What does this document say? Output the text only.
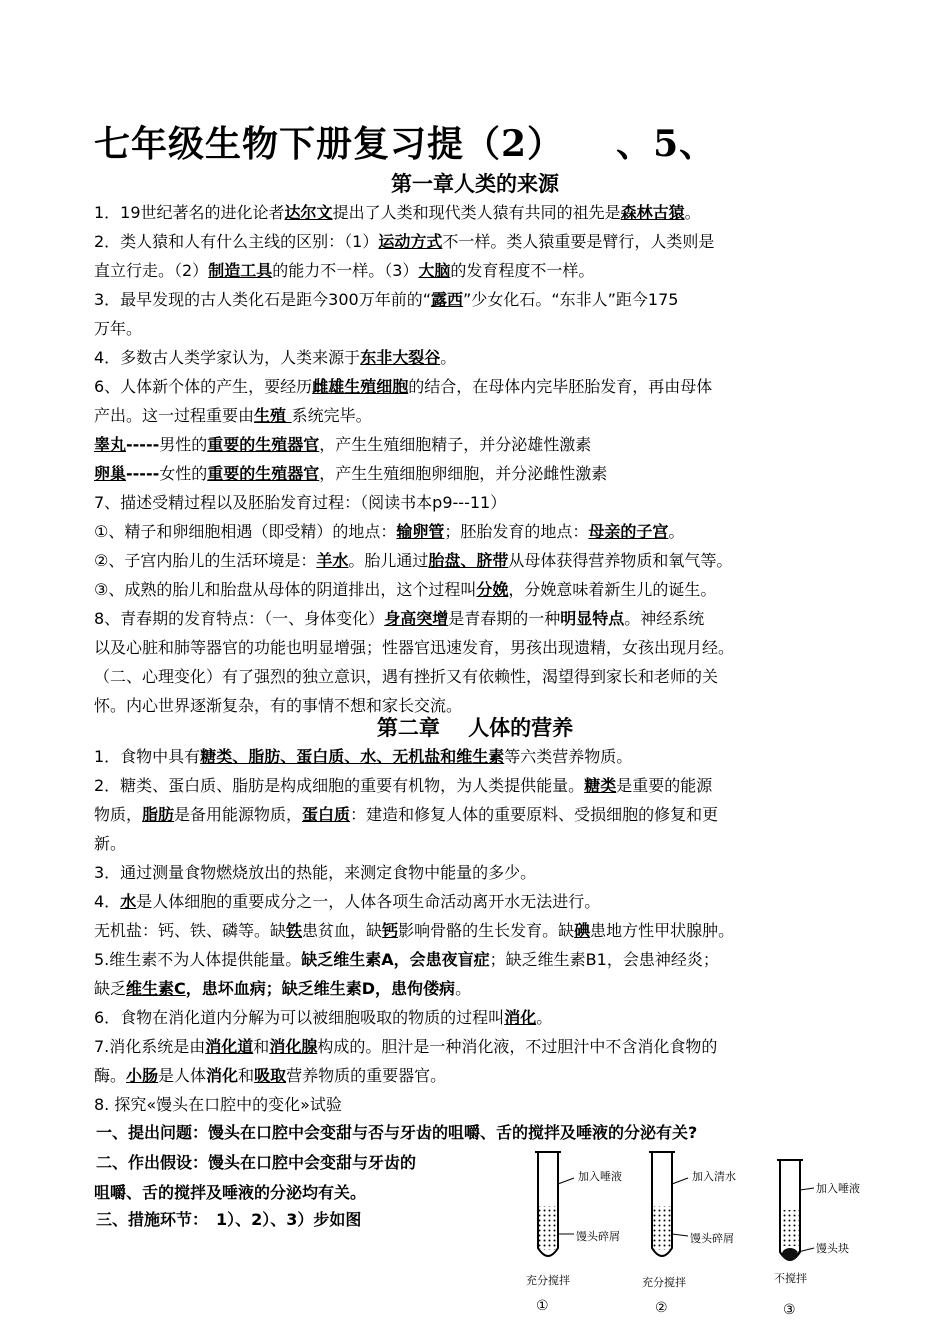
七年级生物下册复习提（2） 、5、
第一章人类的来源
1．19世纪著名的进化论者达尔文提出了人类和现代类人猿有共同的祖先是森林古猿。
2．类人猿和人有什么主线的区别：（1）运动方式不一样。类人猿重要是臂行，人类则是
直立行走。（2）制造工具的能力不一样。（3）大脑的发育程度不一样。
3．最早发现的古人类化石是距今300万年前的“露西”少女化石。“东非人”距今175
万年。
4．多数古人类学家认为，人类来源于东非大裂谷。
6、人体新个体的产生，要经历雌雄生殖细胞的结合，在母体内完毕胚胎发育，再由母体
产出。这一过程重要由生殖 系统完毕。
睾丸-----男性的重要的生殖器官，产生生殖细胞精子，并分泌雄性激素
卵巢-----女性的重要的生殖器官，产生生殖细胞卵细胞，并分泌雌性激素
7、描述受精过程以及胚胎发育过程：（阅读书本p9---11）
①、精子和卵细胞相遇（即受精）的地点：输卵管；胚胎发育的地点：母亲的子宫。
②、子宫内胎儿的生活环境是：羊水。胎儿通过胎盘、脐带从母体获得营养物质和氧气等。
③、成熟的胎儿和胎盘从母体的阴道排出，这个过程叫分娩，分娩意味着新生儿的诞生。
8、青春期的发育特点：（一、身体变化）身高突增是青春期的一种明显特点。神经系统
以及心脏和肺等器官的功能也明显增强；性器官迅速发育，男孩出现遗精，女孩出现月经。
（二、心理变化）有了强烈的独立意识，遇有挫折又有依赖性，渴望得到家长和老师的关
怀。内心世界逐渐复杂，有的事情不想和家长交流。
第二章　 人体的营养
1．食物中具有糖类、脂肪、蛋白质、水、无机盐和维生素等六类营养物质。
2．糖类、蛋白质、脂肪是构成细胞的重要有机物，为人类提供能量。糖类是重要的能源
物质，脂肪是备用能源物质，蛋白质：建造和修复人体的重要原料、受损细胞的修复和更
新。
3．通过测量食物燃烧放出的热能，来测定食物中能量的多少。
4．水是人体细胞的重要成分之一，人体各项生命活动离开水无法进行。
无机盐：钙、铁、磷等。缺铁患贫血，缺钙影响骨骼的生长发育。缺碘患地方性甲状腺肿。
5.维生素不为人体提供能量。缺乏维生素A，会患夜盲症；缺乏维生素B1，会患神经炎；
缺乏维生素C，患坏血病；缺乏维生素D，患佝偻病。
6．食物在消化道内分解为可以被细胞吸取的物质的过程叫消化。
7.消化系统是由消化道和消化腺构成的。胆汁是一种消化液，不过胆汁中不含消化食物的
酶。小肠是人体消化和吸取营养物质的重要器官。
8. 探究«馒头在口腔中的变化»试验
一、提出问题：馒头在口腔中会变甜与否与牙齿的咀嚼、舌的搅拌及唾液的分泌有关?
二、作出假设：馒头在口腔中会变甜与牙齿的
咀嚼、舌的搅拌及唾液的分泌均有关。
三、措施环节：　1）、2）、3）步如图
加入唾液
馒头碎屑
充分搅拌
①
加入清水
馒头碎屑
充分搅拌
②
加入唾液
馒头块
不搅拌
③
